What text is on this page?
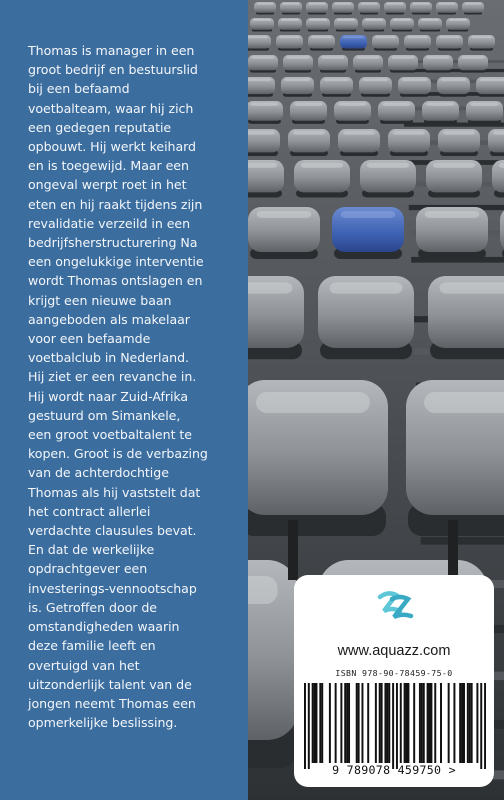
Thomas is manager in een
groot bedrijf en bestuurslid
bij een befaamd
voetbalteam, waar hij zich
een gedegen reputatie
opbouwt. Hij werkt keihard
en is toegewijd. Maar een
ongeval werpt roet in het
eten en hij raakt tijdens zijn
revalidatie verzeild in een
bedrijfsherstructurering Na
een ongelukkige interventie
wordt Thomas ontslagen en
krijgt een nieuwe baan
aangeboden als makelaar
voor een befaamde
voetbalclub in Nederland.
Hij ziet er een revanche in.
Hij wordt naar Zuid-Afrika
gestuurd om Simankele,
een groot voetbaltalent te
kopen. Groot is de verbazing
van de achterdochtige
Thomas als hij vaststelt dat
het contract allerlei
verdachte clausules bevat.
En dat de werkelijke
opdrachtgever een
investerings-vennootschap
is. Getroffen door de
omstandigheden waarin
deze familie leeft en
overtuigd van het
uitzonderlijk talent van de
jongen neemt Thomas een
opmerkelijke beslissing.

www.aquazz.com
ISBN 978-90-78459-75-0
9 789078 459750 >
